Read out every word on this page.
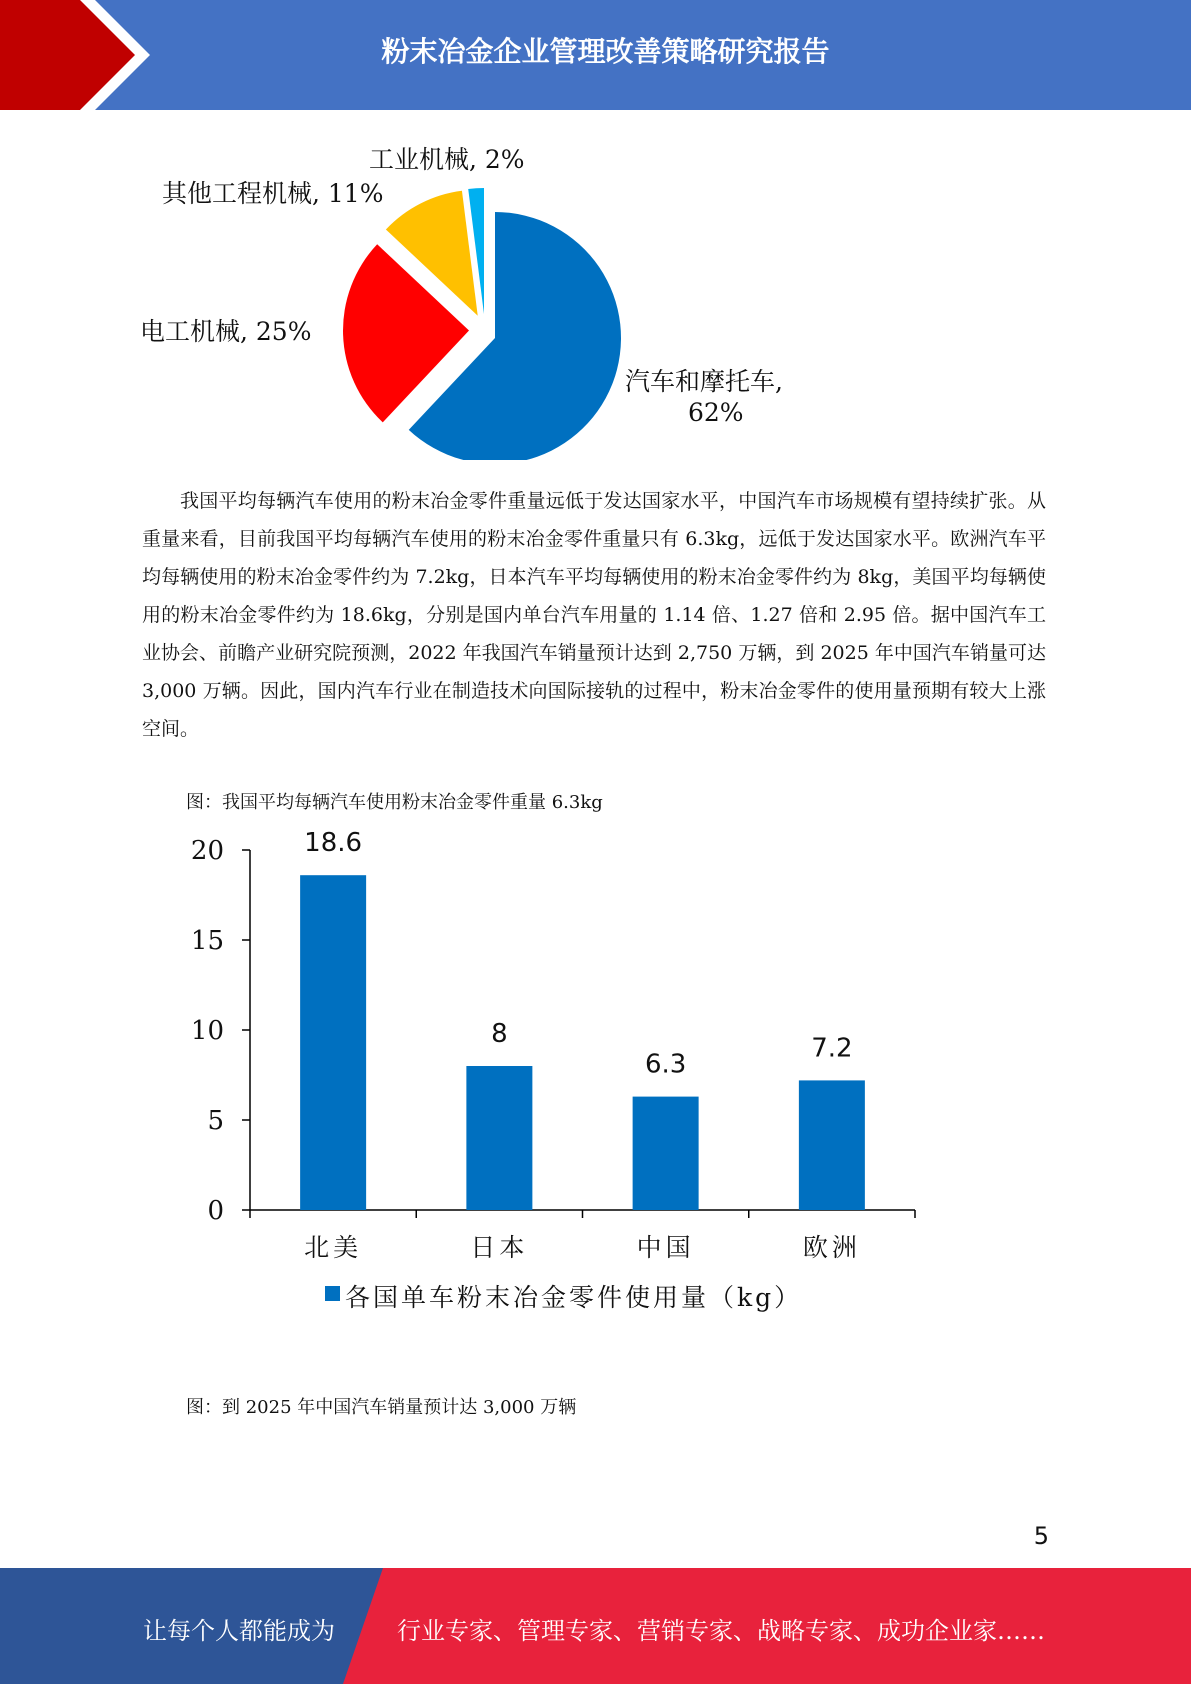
粉末冶金企业管理改善策略研究报告
工业机械, 2%
其他工程机械, 11%
电工机械, 25%
汽车和摩托车,
62%

我国平均每辆汽车使用的粉末冶金零件重量远低于发达国家水平，中国汽车市场规模有望持续扩张。从重量来看，目前我国平均每辆汽车使用的粉末冶金零件重量只有 6.3kg，远低于发达国家水平。欧洲汽车平均每辆使用的粉末冶金零件约为 7.2kg，日本汽车平均每辆使用的粉末冶金零件约为 8kg，美国平均每辆使用的粉末冶金零件约为 18.6kg，分别是国内单台汽车用量的 1.14 倍、1.27 倍和 2.95 倍。据中国汽车工业协会、前瞻产业研究院预测，2022 年我国汽车销量预计达到 2,750 万辆，到 2025 年中国汽车销量可达 3,000 万辆。因此，国内汽车行业在制造技术向国际接轨的过程中，粉末冶金零件的使用量预期有较大上涨空间。

图：我国平均每辆汽车使用粉末冶金零件重量 6.3kg
0
5
10
15
20	18.6
北美
8
日本
6.3
中国
7.2
欧洲
各国单车粉末冶金零件使用量（kg）
图：到 2025 年中国汽车销量预计达 3,000 万辆
5
让每个人都能成为	行业专家、管理专家、营销专家、战略专家、成功企业家……
